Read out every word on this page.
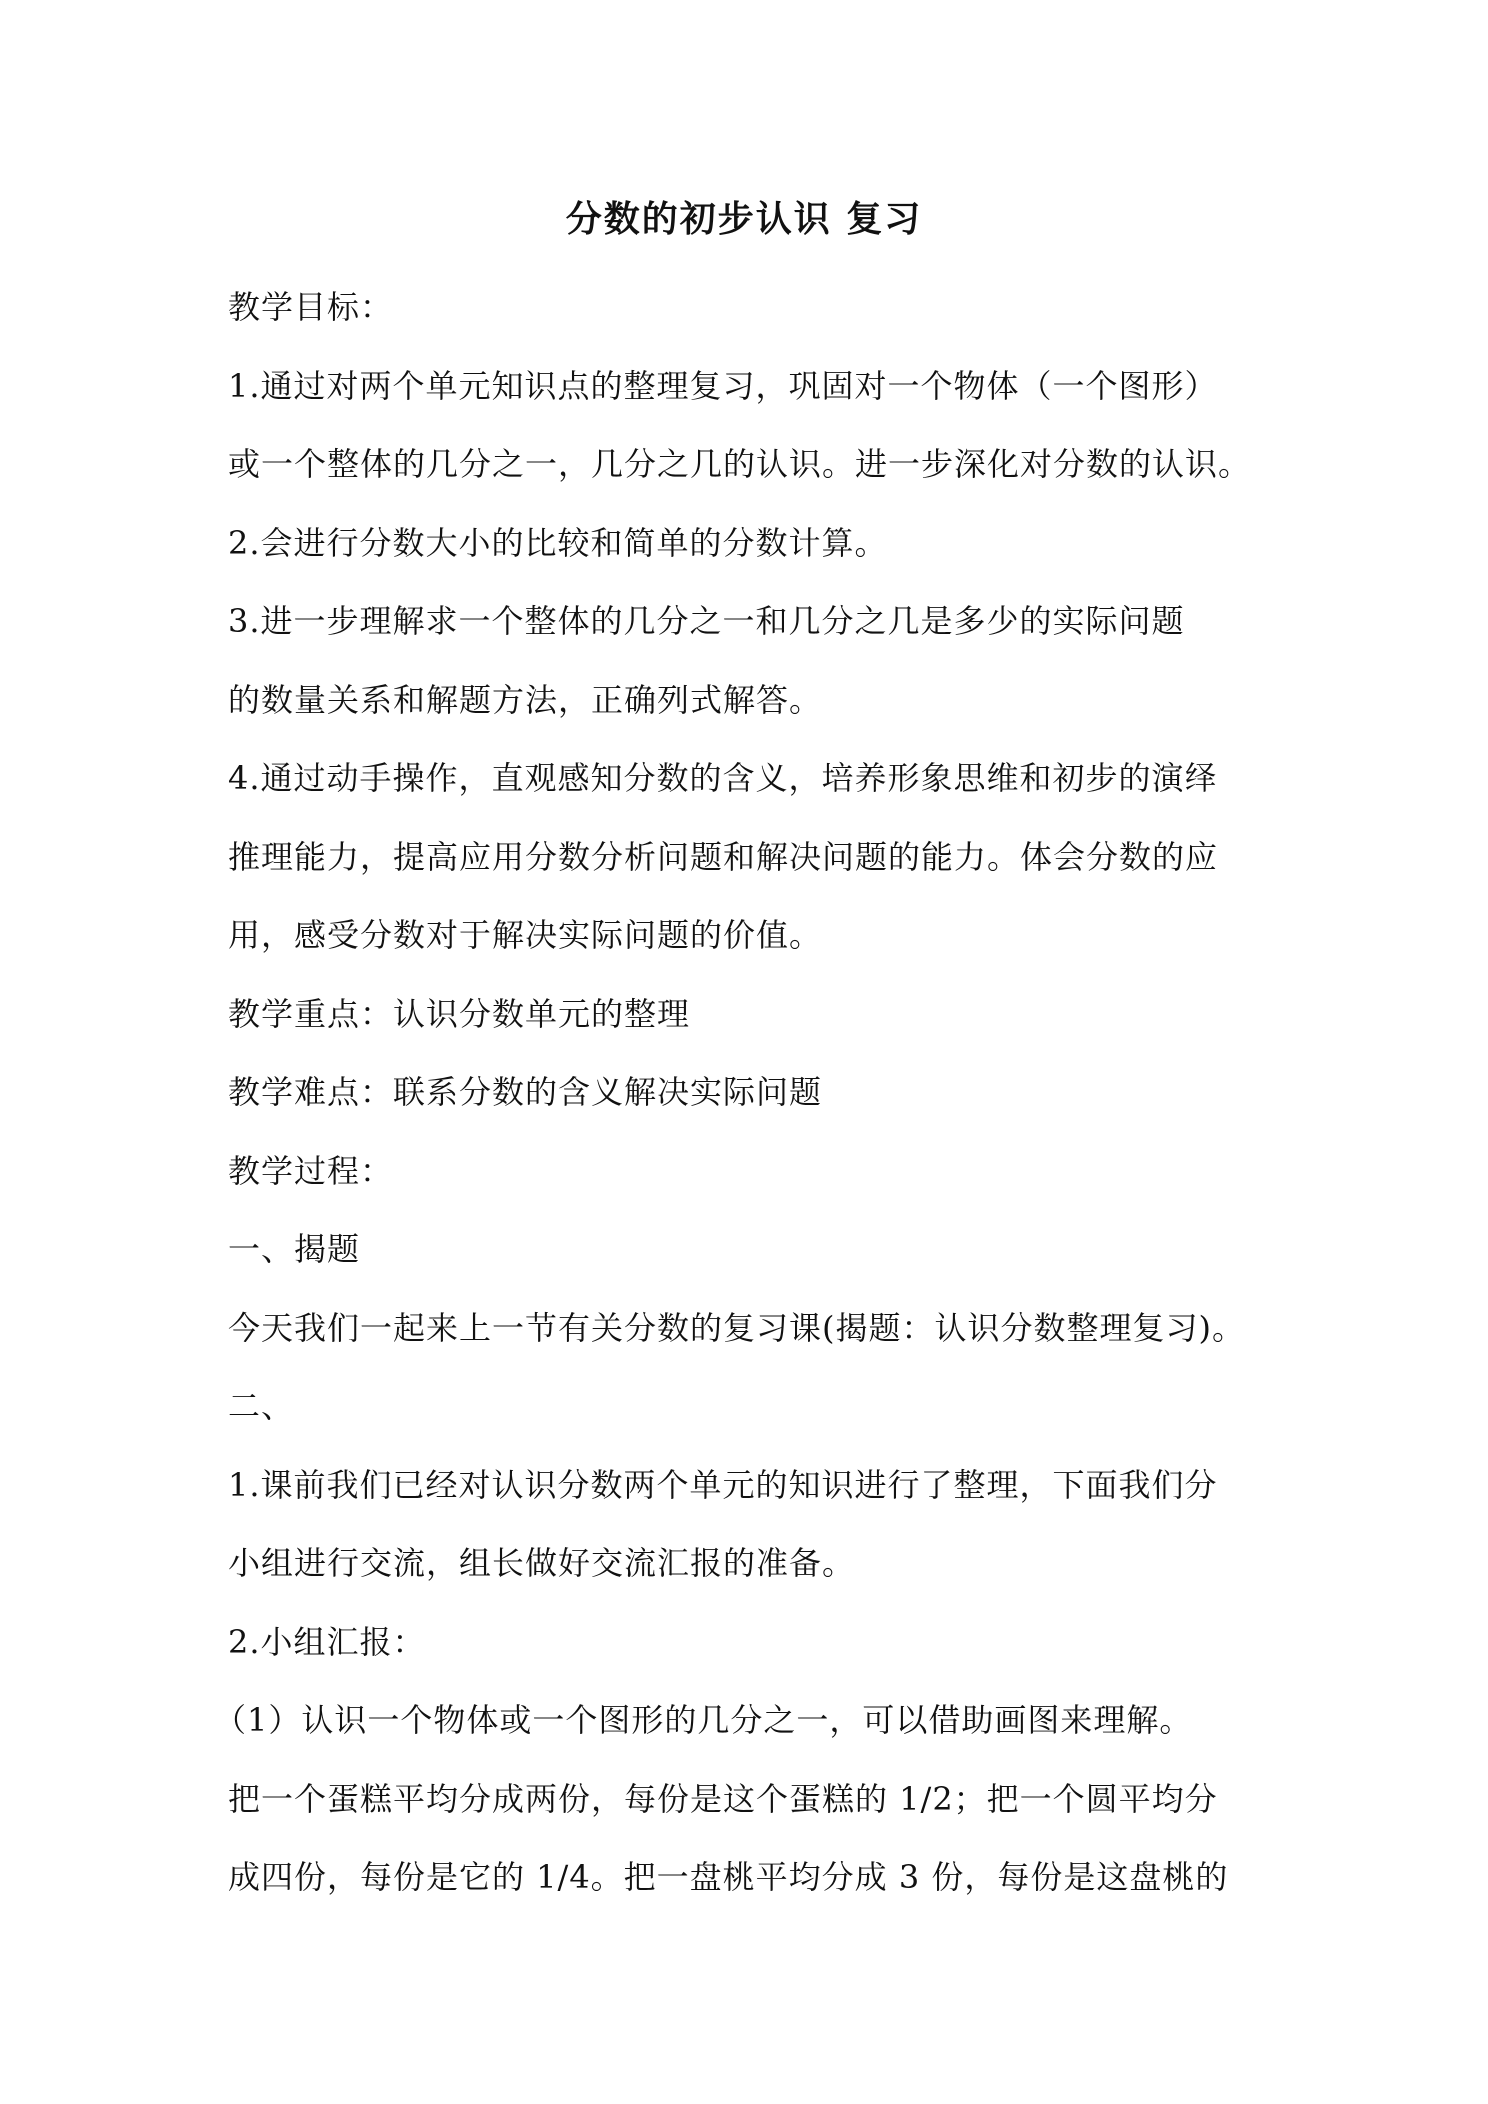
分数的初步认识 复习
教学目标：
1.通过对两个单元知识点的整理复习，巩固对一个物体（一个图形）
或一个整体的几分之一，几分之几的认识。进一步深化对分数的认识。
2.会进行分数大小的比较和简单的分数计算。
3.进一步理解求一个整体的几分之一和几分之几是多少的实际问题
的数量关系和解题方法，正确列式解答。
4.通过动手操作，直观感知分数的含义，培养形象思维和初步的演绎
推理能力，提高应用分数分析问题和解决问题的能力。体会分数的应
用，感受分数对于解决实际问题的价值。
教学重点：认识分数单元的整理
教学难点：联系分数的含义解决实际问题
教学过程：
一、揭题
今天我们一起来上一节有关分数的复习课(揭题：认识分数整理复习)。
二、
1.课前我们已经对认识分数两个单元的知识进行了整理，下面我们分
小组进行交流，组长做好交流汇报的准备。
2.小组汇报：
（1）认识一个物体或一个图形的几分之一，可以借助画图来理解。
把一个蛋糕平均分成两份，每份是这个蛋糕的 1/2；把一个圆平均分
成四份，每份是它的 1/4。把一盘桃平均分成 3 份，每份是这盘桃的
